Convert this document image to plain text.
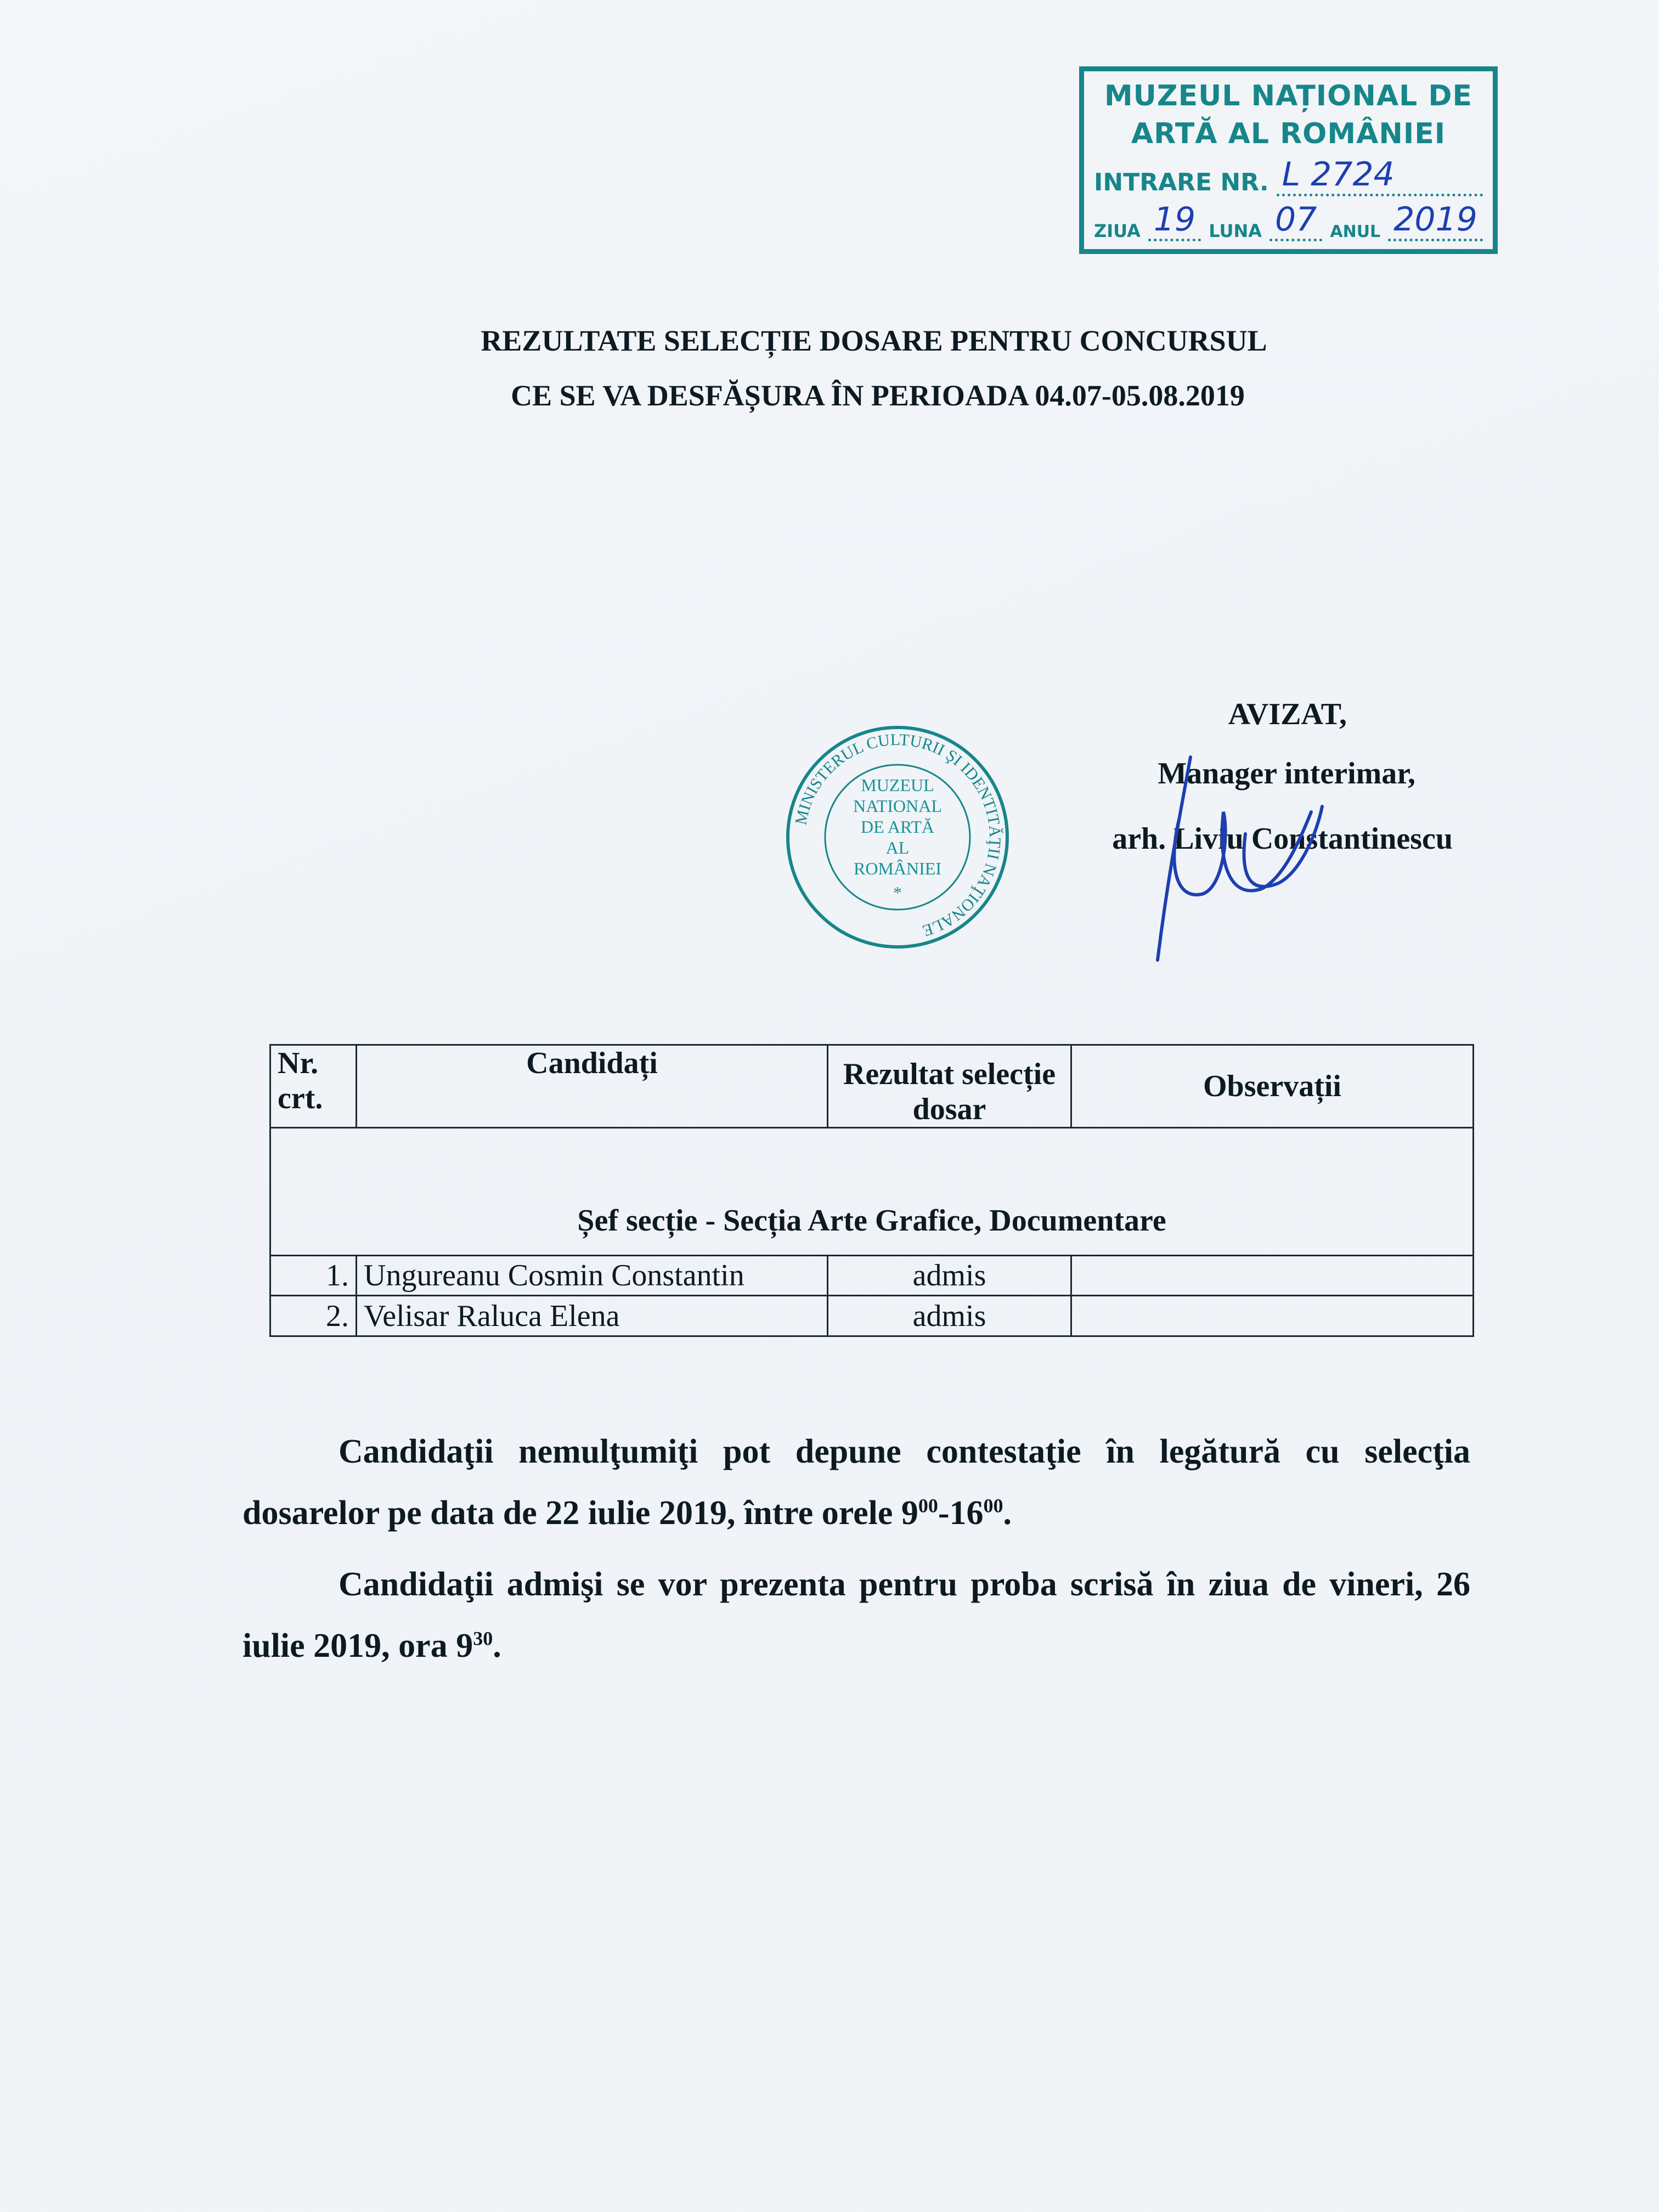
MUZEUL NAȚIONAL DE
ARTĂ AL ROMÂNIEI
INTRARE NR. L 2724
ZIUA 19 LUNA 07 ANUL 2019
REZULTATE SELECȚIE DOSARE PENTRU CONCURSUL
CE SE VA DESFĂȘURA ÎN PERIOADA 04.07-05.08.2019
MUZEUL
NATIONAL
DE ARTĂ
AL
ROMÂNIEI
*
MINISTERUL CULTURII ŞI IDENTITĂŢII NAŢIONALE
AVIZAT,
Manager interimar,
arh. Liviu Constantinescu
Nr. crt.	Candidați	Rezultat selecție dosar	Observații
Șef secție - Secția Arte Grafice, Documentare			
1.	Ungureanu Cosmin Constantin	admis	
2.	Velisar Raluca Elena	admis	

Candidaţii nemulţumiţi pot depune contestaţie în legătură cu selecţia dosarelor pe data de 22 iulie 2019, între orele $9^{00}-16^{00}$.

Candidaţii admişi se vor prezenta pentru proba scrisă în ziua de vineri, 26 iulie 2019, ora $9^{30}$.
